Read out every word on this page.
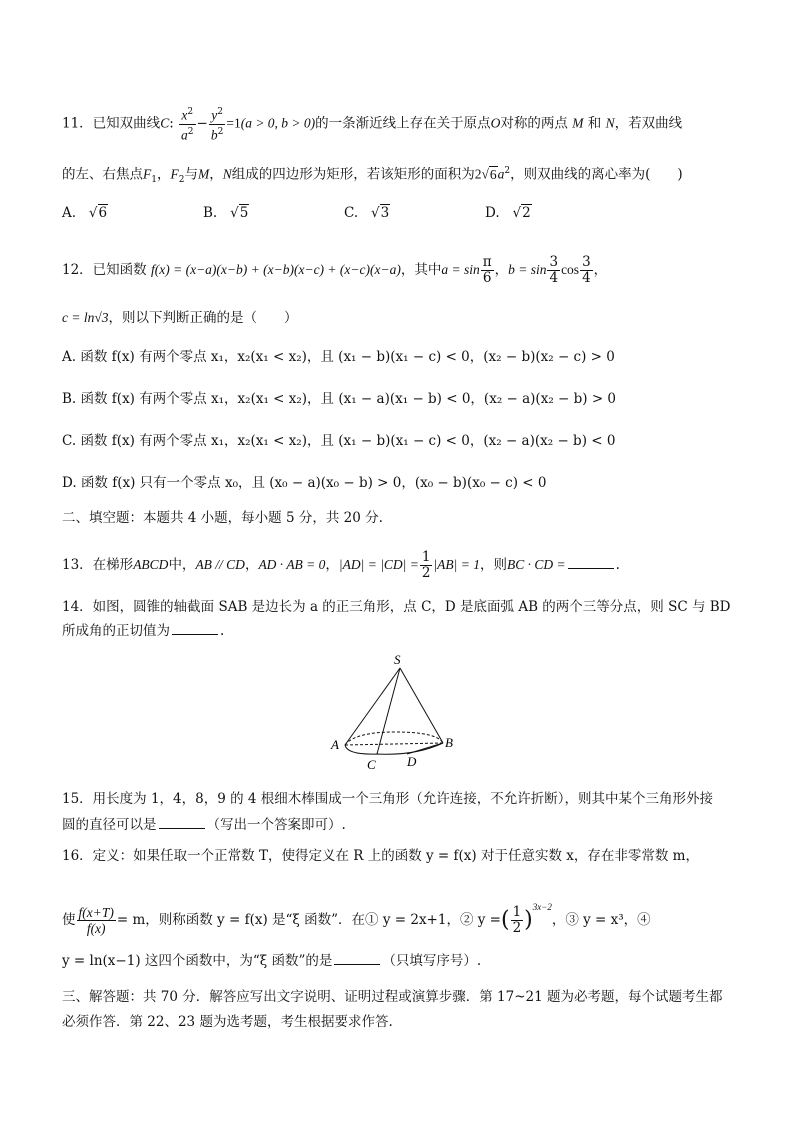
11．已知双曲线C: $\frac{x^2}{a^2} - \frac{y^2}{b^2} =1(a > 0$, b > 0)的一条渐近线上存在关于原点O对称的两点 M 和 N，若双曲线
的左、右焦点$F_1$，$F_2$与M，N组成的四边形为矩形，若该矩形的面积为$2√6a^2$，则双曲线的离心率为(　　)
A.   √6	B.   √5	C.   √3	D.   √2
12．已知函数 f(x) = (x−a)(x−b) + (x−b)(x−c) + (x−c)(x−a)，其中$a = \sin \frac{\pi}{6}$ ，$b = \sin \frac{3}{4}$ $\cos \frac{3}{4}$ ，
c = ln√3，则以下判断正确的是（　　）
A. 函数 f(x) 有两个零点 x₁，x₂(x₁ < x₂)，且 (x₁ − b)(x₁ − c) < 0，(x₂ − b)(x₂ − c) > 0
B. 函数 f(x) 有两个零点 x₁，x₂(x₁ < x₂)，且 (x₁ − a)(x₁ − b) < 0，(x₂ − a)(x₂ − b) > 0
C. 函数 f(x) 有两个零点 x₁，x₂(x₁ < x₂)，且 (x₁ − b)(x₁ − c) < 0，(x₂ − a)(x₂ − b) < 0
D. 函数 f(x) 只有一个零点 x₀，且 (x₀ − a)(x₀ − b) > 0，(x₀ − b)(x₀ − c) < 0
二、填空题：本题共 4 小题，每小题 5 分，共 20 分.
13．在梯形ABCD中，AB // CD，AD · AB = 0，$|AD| = |CD| = \frac{1}{2} |AB| = 1$，则BC · CD =	.
14．如图，圆锥的轴截面 SAB 是边长为 a 的正三角形，点 C，D 是底面弧 AB 的两个三等分点，则 SC 与 BD
所成角的正切值为	.
S
A	B
C D
15．用长度为 1，4，8，9 的 4 根细木棒围成一个三角形（允许连接，不允许折断），则其中某个三角形外接
圆的直径可以是	（写出一个答案即可）.
16．定义：如果任取一个正常数 T，使得定义在 R 上的函数 y = f(x) 对于任意实数 x，存在非零常数 m，
使 $\frac{f(x+T)}{f(x)} = m$，则称函数 y = f(x) 是“ξ 函数”．在① y = 2x+1，② y =( $\frac{1}{2} )^{3x-2}$，③ y = x³，④
y = ln(x−1) 这四个函数中，为“ξ 函数”的是	（只填写序号）.
三、解答题：共 70 分．解答应写出文字说明、证明过程或演算步骤．第 17~21 题为必考题，每个试题考生都
必须作答．第 22、23 题为选考题，考生根据要求作答.
